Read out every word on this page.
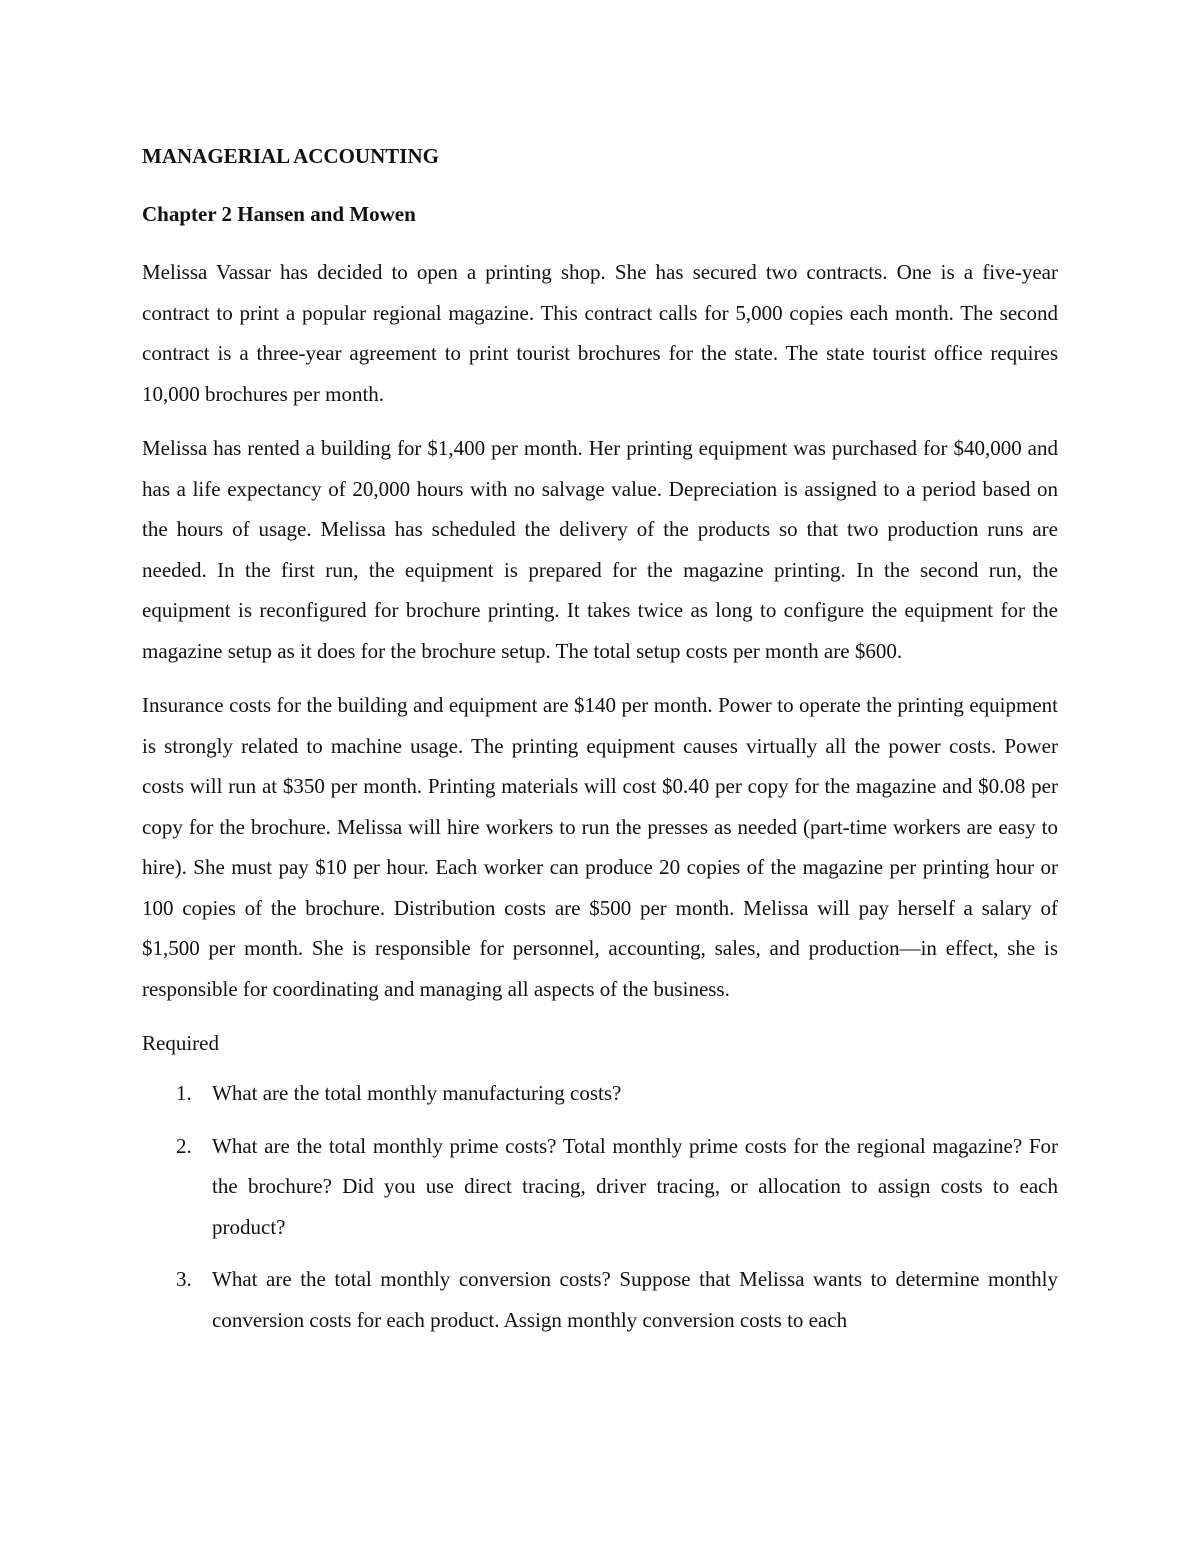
MANAGERIAL ACCOUNTING

Chapter 2 Hansen and Mowen

Melissa Vassar has decided to open a printing shop. She has secured two contracts. One is a five-year contract to print a popular regional magazine. This contract calls for 5,000 copies each month. The second contract is a three-year agreement to print tourist brochures for the state. The state tourist office requires 10,000 brochures per month.

Melissa has rented a building for $1,400 per month. Her printing equipment was purchased for $40,000 and has a life expectancy of 20,000 hours with no salvage value. Depreciation is assigned to a period based on the hours of usage. Melissa has scheduled the delivery of the products so that two production runs are needed. In the first run, the equipment is prepared for the magazine printing. In the second run, the equipment is reconfigured for brochure printing. It takes twice as long to configure the equipment for the magazine setup as it does for the brochure setup. The total setup costs per month are $600.

Insurance costs for the building and equipment are $140 per month. Power to operate the printing equipment is strongly related to machine usage. The printing equipment causes virtually all the power costs. Power costs will run at $350 per month. Printing materials will cost $0.40 per copy for the magazine and $0.08 per copy for the brochure. Melissa will hire workers to run the presses as needed (part-time workers are easy to hire). She must pay $10 per hour. Each worker can produce 20 copies of the magazine per printing hour or 100 copies of the brochure. Distribution costs are $500 per month. Melissa will pay herself a salary of $1,500 per month. She is responsible for personnel, accounting, sales, and production—in effect, she is responsible for coordinating and managing all aspects of the business.

Required

1. What are the total monthly manufacturing costs?
2. What are the total monthly prime costs? Total monthly prime costs for the regional magazine? For the brochure? Did you use direct tracing, driver tracing, or allocation to assign costs to each product?
3. What are the total monthly conversion costs? Suppose that Melissa wants to determine monthly conversion costs for each product. Assign monthly conversion costs to each
